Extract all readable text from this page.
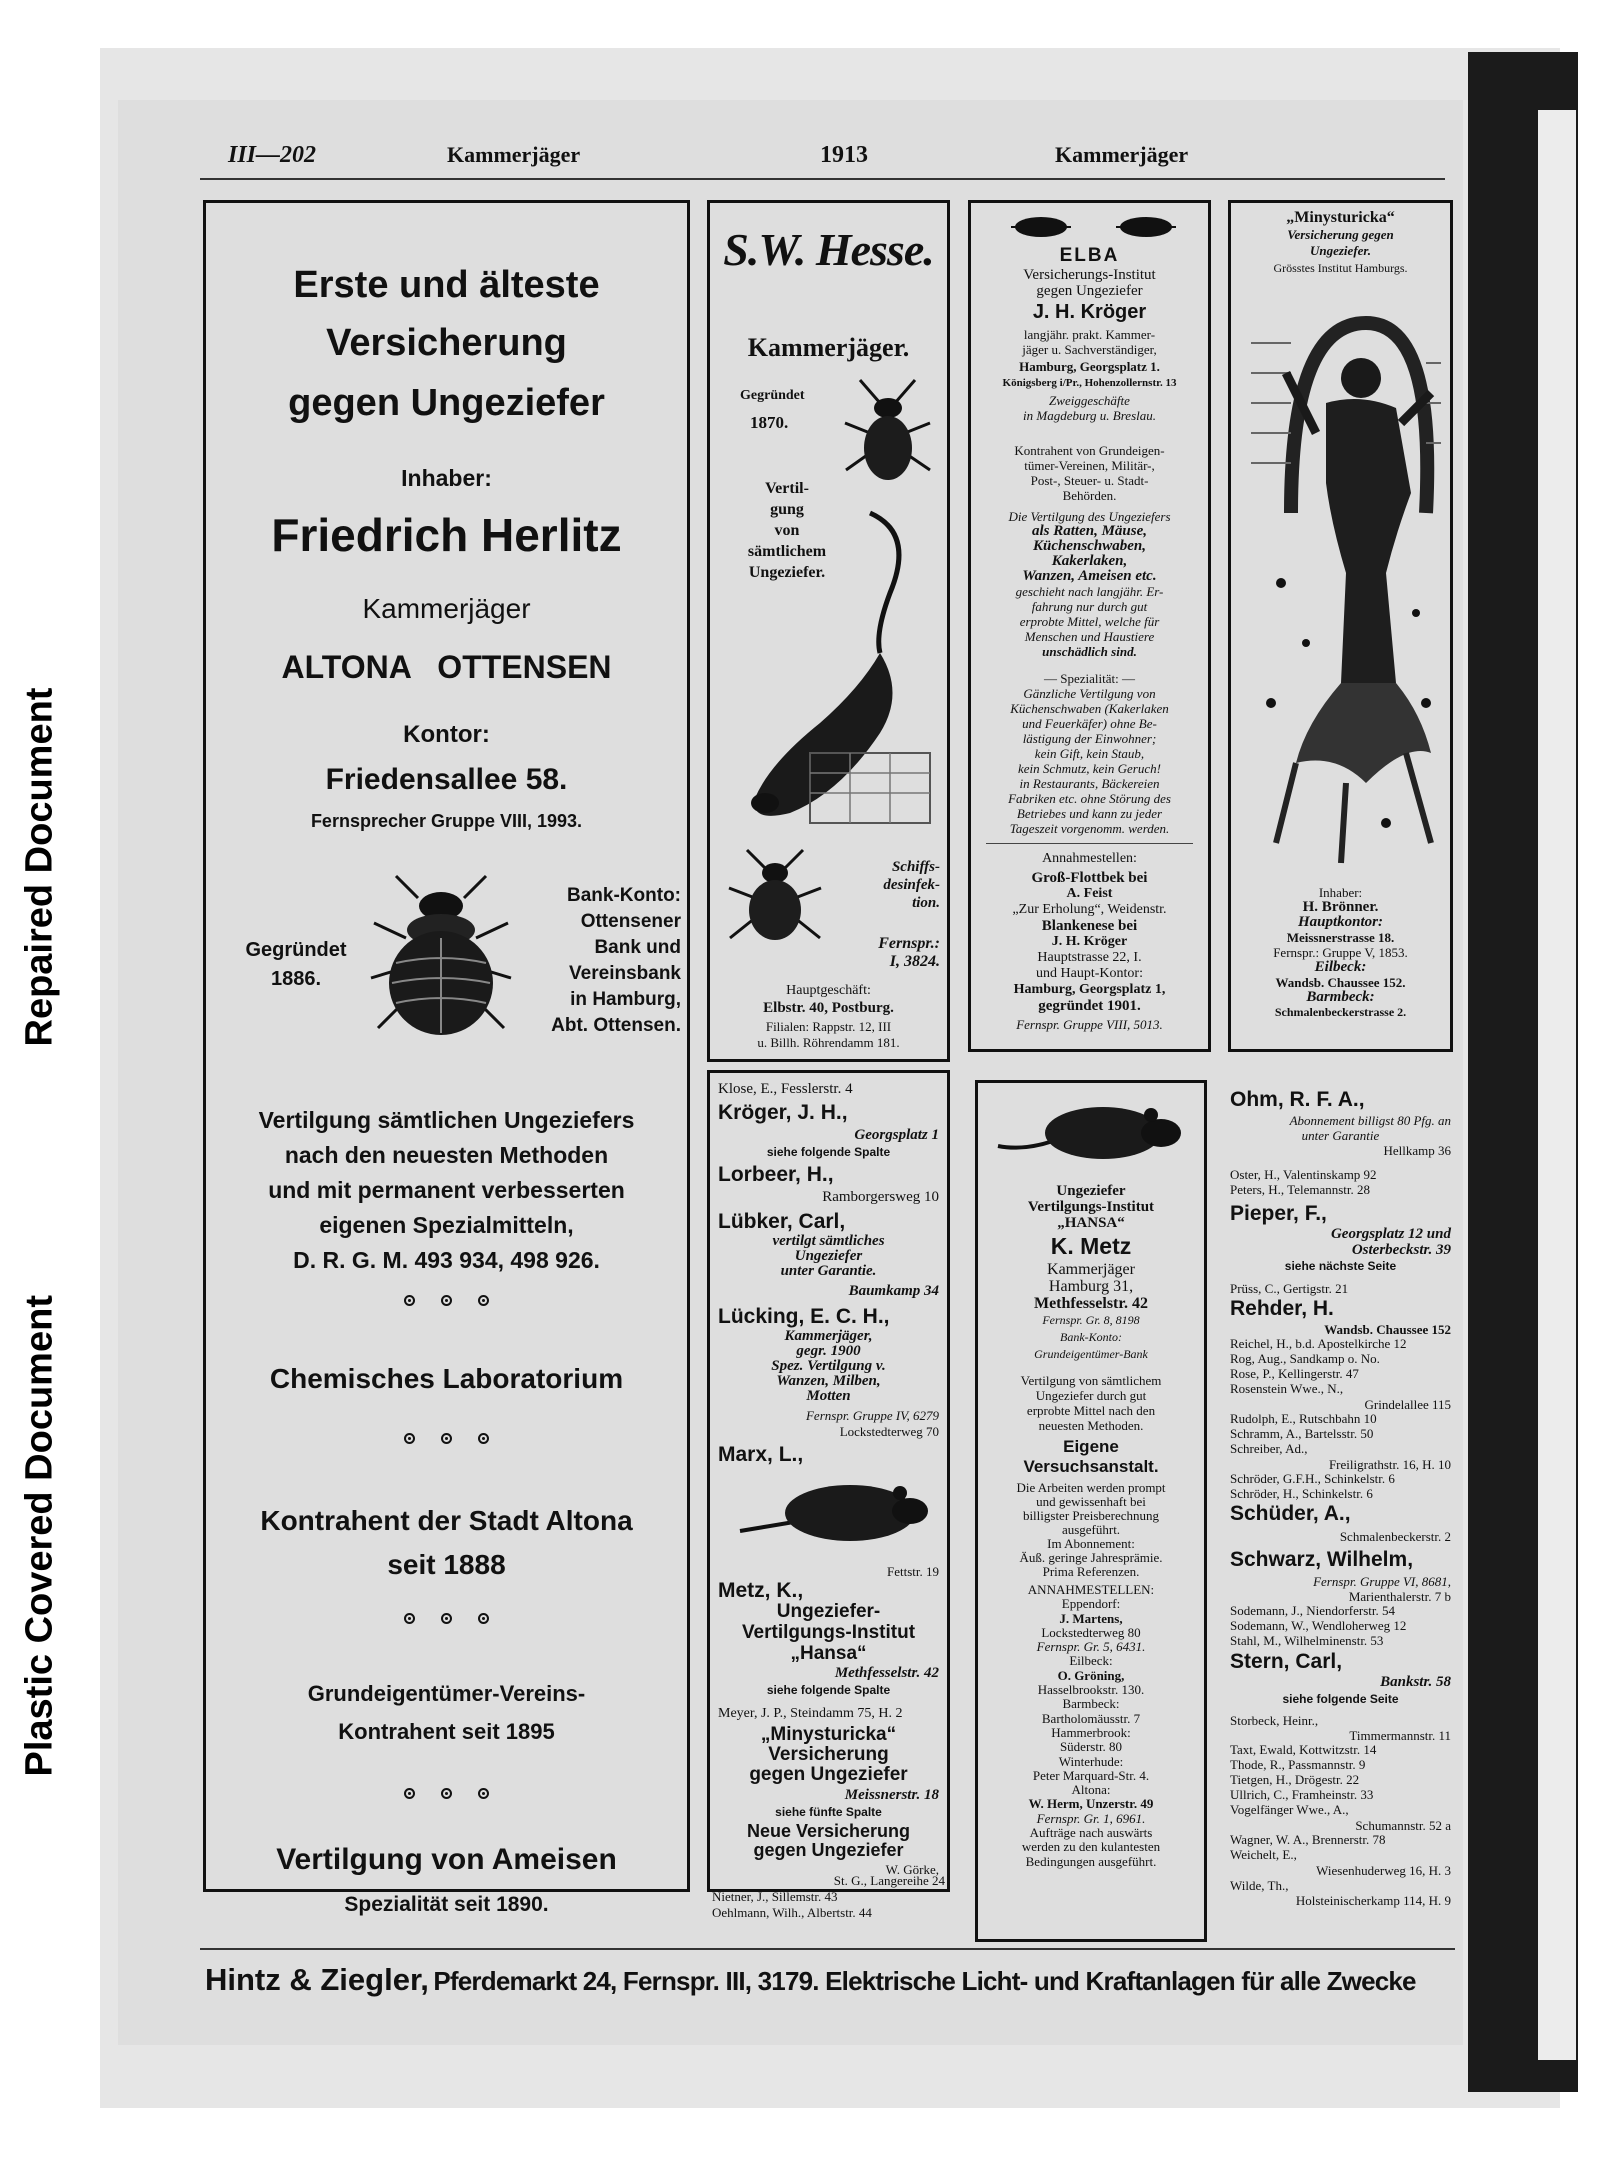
Repaired Document
Plastic Covered Document
III—202	Kammerjäger	1913	Kammerjäger
Erste und älteste
Versicherung
gegen Ungeziefer
Inhaber:
Friedrich Herlitz
Kammerjäger
ALTONA   OTTENSEN
Kontor:
Friedensallee 58.
Fernsprecher Gruppe VIII, 1993.
Gegründet
1886.
Bank-Konto:
Ottensener
Bank und
Vereinsbank
in Hamburg,
Abt. Ottensen.
Vertilgung sämtlichen Ungeziefers
nach den neuesten Methoden
und mit permanent verbesserten
eigenen Spezialmitteln,
D. R. G. M. 493 934, 498 926.
Chemisches Laboratorium
Kontrahent der Stadt Altona
seit 1888
Grundeigentümer-Vereins-
Kontrahent seit 1895
Vertilgung von Ameisen
Spezialität seit 1890.
S.W. Hesse.
Kammerjäger.
Gegründet
1870.
Vertil-
gung
von
sämtlichem
Ungeziefer.
Schiffs-
desinfek-
tion.
Fernspr.:
I, 3824.
Hauptgeschäft:
Elbstr. 40, Postburg.
Filialen: Rappstr. 12, III
u. Billh. Röhrendamm 181.
Klose, E., Fesslerstr. 4
Kröger, J. H.,
Georgsplatz 1
siehe folgende Spalte
Lorbeer, H.,
Ramborgersweg 10
Lübker, Carl,
vertilgt sämtliches
Ungeziefer
unter Garantie.
Baumkamp 34
Lücking, E. C. H.,
Kammerjäger,
gegr. 1900
Spez. Vertilgung v.
Wanzen, Milben,
Motten
Fernspr. Gruppe IV, 6279
Lockstedterweg 70
Marx, L.,
Fettstr. 19
Metz, K.,
Ungeziefer-
Vertilgungs-Institut
„Hansa“
Methfesselstr. 42
siehe folgende Spalte
Meyer, J. P., Steindamm 75, H. 2
„Minysturicka“
Versicherung
gegen Ungeziefer
Meissnerstr. 18
siehe fünfte Spalte
Neue Versicherung
gegen Ungeziefer
W. Görke,
St. G., Langereihe 24
Nietner, J., Sillemstr. 43
Oehlmann, Wilh., Albertstr. 44
ELBA
Versicherungs-Institut
gegen Ungeziefer
J. H. Kröger
langjähr. prakt. Kammer-
jäger u. Sachverständiger,
Hamburg, Georgsplatz 1.
Königsberg i/Pr., Hohenzollernstr. 13
Zweiggeschäfte
in Magdeburg u. Breslau.
Kontrahent von Grundeigen-
tümer-Vereinen, Militär-,
Post-, Steuer- u. Stadt-
Behörden.
Die Vertilgung des Ungeziefers
als Ratten, Mäuse,
Küchenschwaben,
Kakerlaken,
Wanzen, Ameisen etc.
geschieht nach langjähr. Er-
fahrung nur durch gut
erprobte Mittel, welche für
Menschen und Haustiere
unschädlich sind.
— Spezialität: —
Gänzliche Vertilgung von
Küchenschwaben (Kakerlaken
und Feuerkäfer) ohne Be-
lästigung der Einwohner;
kein Gift, kein Staub,
kein Schmutz, kein Geruch!
in Restaurants, Bäckereien
Fabriken etc. ohne Störung des
Betriebes und kann zu jeder
Tageszeit vorgenomm. werden.
Annahmestellen:
Groß-Flottbek bei
A. Feist
„Zur Erholung“, Weidenstr.
Blankenese bei
J. H. Kröger
Hauptstrasse 22, I.
und Haupt-Kontor:
Hamburg, Georgsplatz 1,
gegründet 1901.
Fernspr. Gruppe VIII, 5013.
Ungeziefer
Vertilgungs-Institut
„HANSA“
K. Metz
Kammerjäger
Hamburg 31,
Methfesselstr. 42
Fernspr. Gr. 8, 8198
Bank-Konto:
Grundeigentümer-Bank
Vertilgung von sämtlichem
Ungeziefer durch gut
erprobte Mittel nach den
neuesten Methoden.
Eigene
Versuchsanstalt.
Die Arbeiten werden prompt
und gewissenhaft bei
billigster Preisberechnung
ausgeführt.
Im Abonnement:
Äuß. geringe Jahresprämie.
Prima Referenzen.
ANNAHMESTELLEN:
Eppendorf:
J. Martens,
Lockstedterweg 80
Fernspr. Gr. 5, 6431.
Eilbeck:
O. Gröning,
Hasselbrookstr. 130.
Barmbeck:
Bartholomäusstr. 7
Hammerbrook:
Süderstr. 80
Winterhude:
Peter Marquard-Str. 4.
Altona:
W. Herm, Unzerstr. 49
Fernspr. Gr. 1, 6961.
Aufträge nach auswärts
werden zu den kulantesten
Bedingungen ausgeführt.
„Minysturicka“
Versicherung gegen
Ungeziefer.
Grösstes Institut Hamburgs.
Inhaber:
H. Brönner.
Hauptkontor:
Meissnerstrasse 18.
Fernspr.: Gruppe V, 1853.
Eilbeck:
Wandsb. Chaussee 152.
Barmbeck:
Schmalenbeckerstrasse 2.
Ohm, R. F. A.,
Abonnement billigst 80 Pfg. an
unter Garantie
Hellkamp 36
Oster, H., Valentinskamp 92
Peters, H., Telemannstr. 28
Pieper, F.,
Georgsplatz 12 und
Osterbeckstr. 39
siehe nächste Seite
Prüss, C., Gertigstr. 21
Rehder, H.
Wandsb. Chaussee 152
Reichel, H., b.d. Apostelkirche 12
Rog, Aug., Sandkamp o. No.
Rose, P., Kellingerstr. 47
Rosenstein Wwe., N.,
Grindelallee 115
Rudolph, E., Rutschbahn 10
Schramm, A., Bartelsstr. 50
Schreiber, Ad.,
Freiligrathstr. 16, H. 10
Schröder, G.F.H., Schinkelstr. 6
Schröder, H., Schinkelstr. 6
Schüder, A.,
Schmalenbeckerstr. 2
Schwarz, Wilhelm,
Fernspr. Gruppe VI, 8681,
Marienthalerstr. 7 b
Sodemann, J., Niendorferstr. 54
Sodemann, W., Wendloherweg 12
Stahl, M., Wilhelminenstr. 53
Stern, Carl,
Bankstr. 58
siehe folgende Seite
Storbeck, Heinr.,
Timmermannstr. 11
Taxt, Ewald, Kottwitzstr. 14
Thode, R., Passmannstr. 9
Tietgen, H., Drögestr. 22
Ullrich, C., Framheinstr. 33
Vogelfänger Wwe., A.,
Schumannstr. 52 a
Wagner, W. A., Brennerstr. 78
Weichelt, E.,
Wiesenhuderweg 16, H. 3
Wilde, Th.,
Holsteinischerkamp 114, H. 9
Hintz & Ziegler, Pferdemarkt 24, Fernspr. III, 3179. Elektrische Licht- und Kraftanlagen für alle Zwecke
